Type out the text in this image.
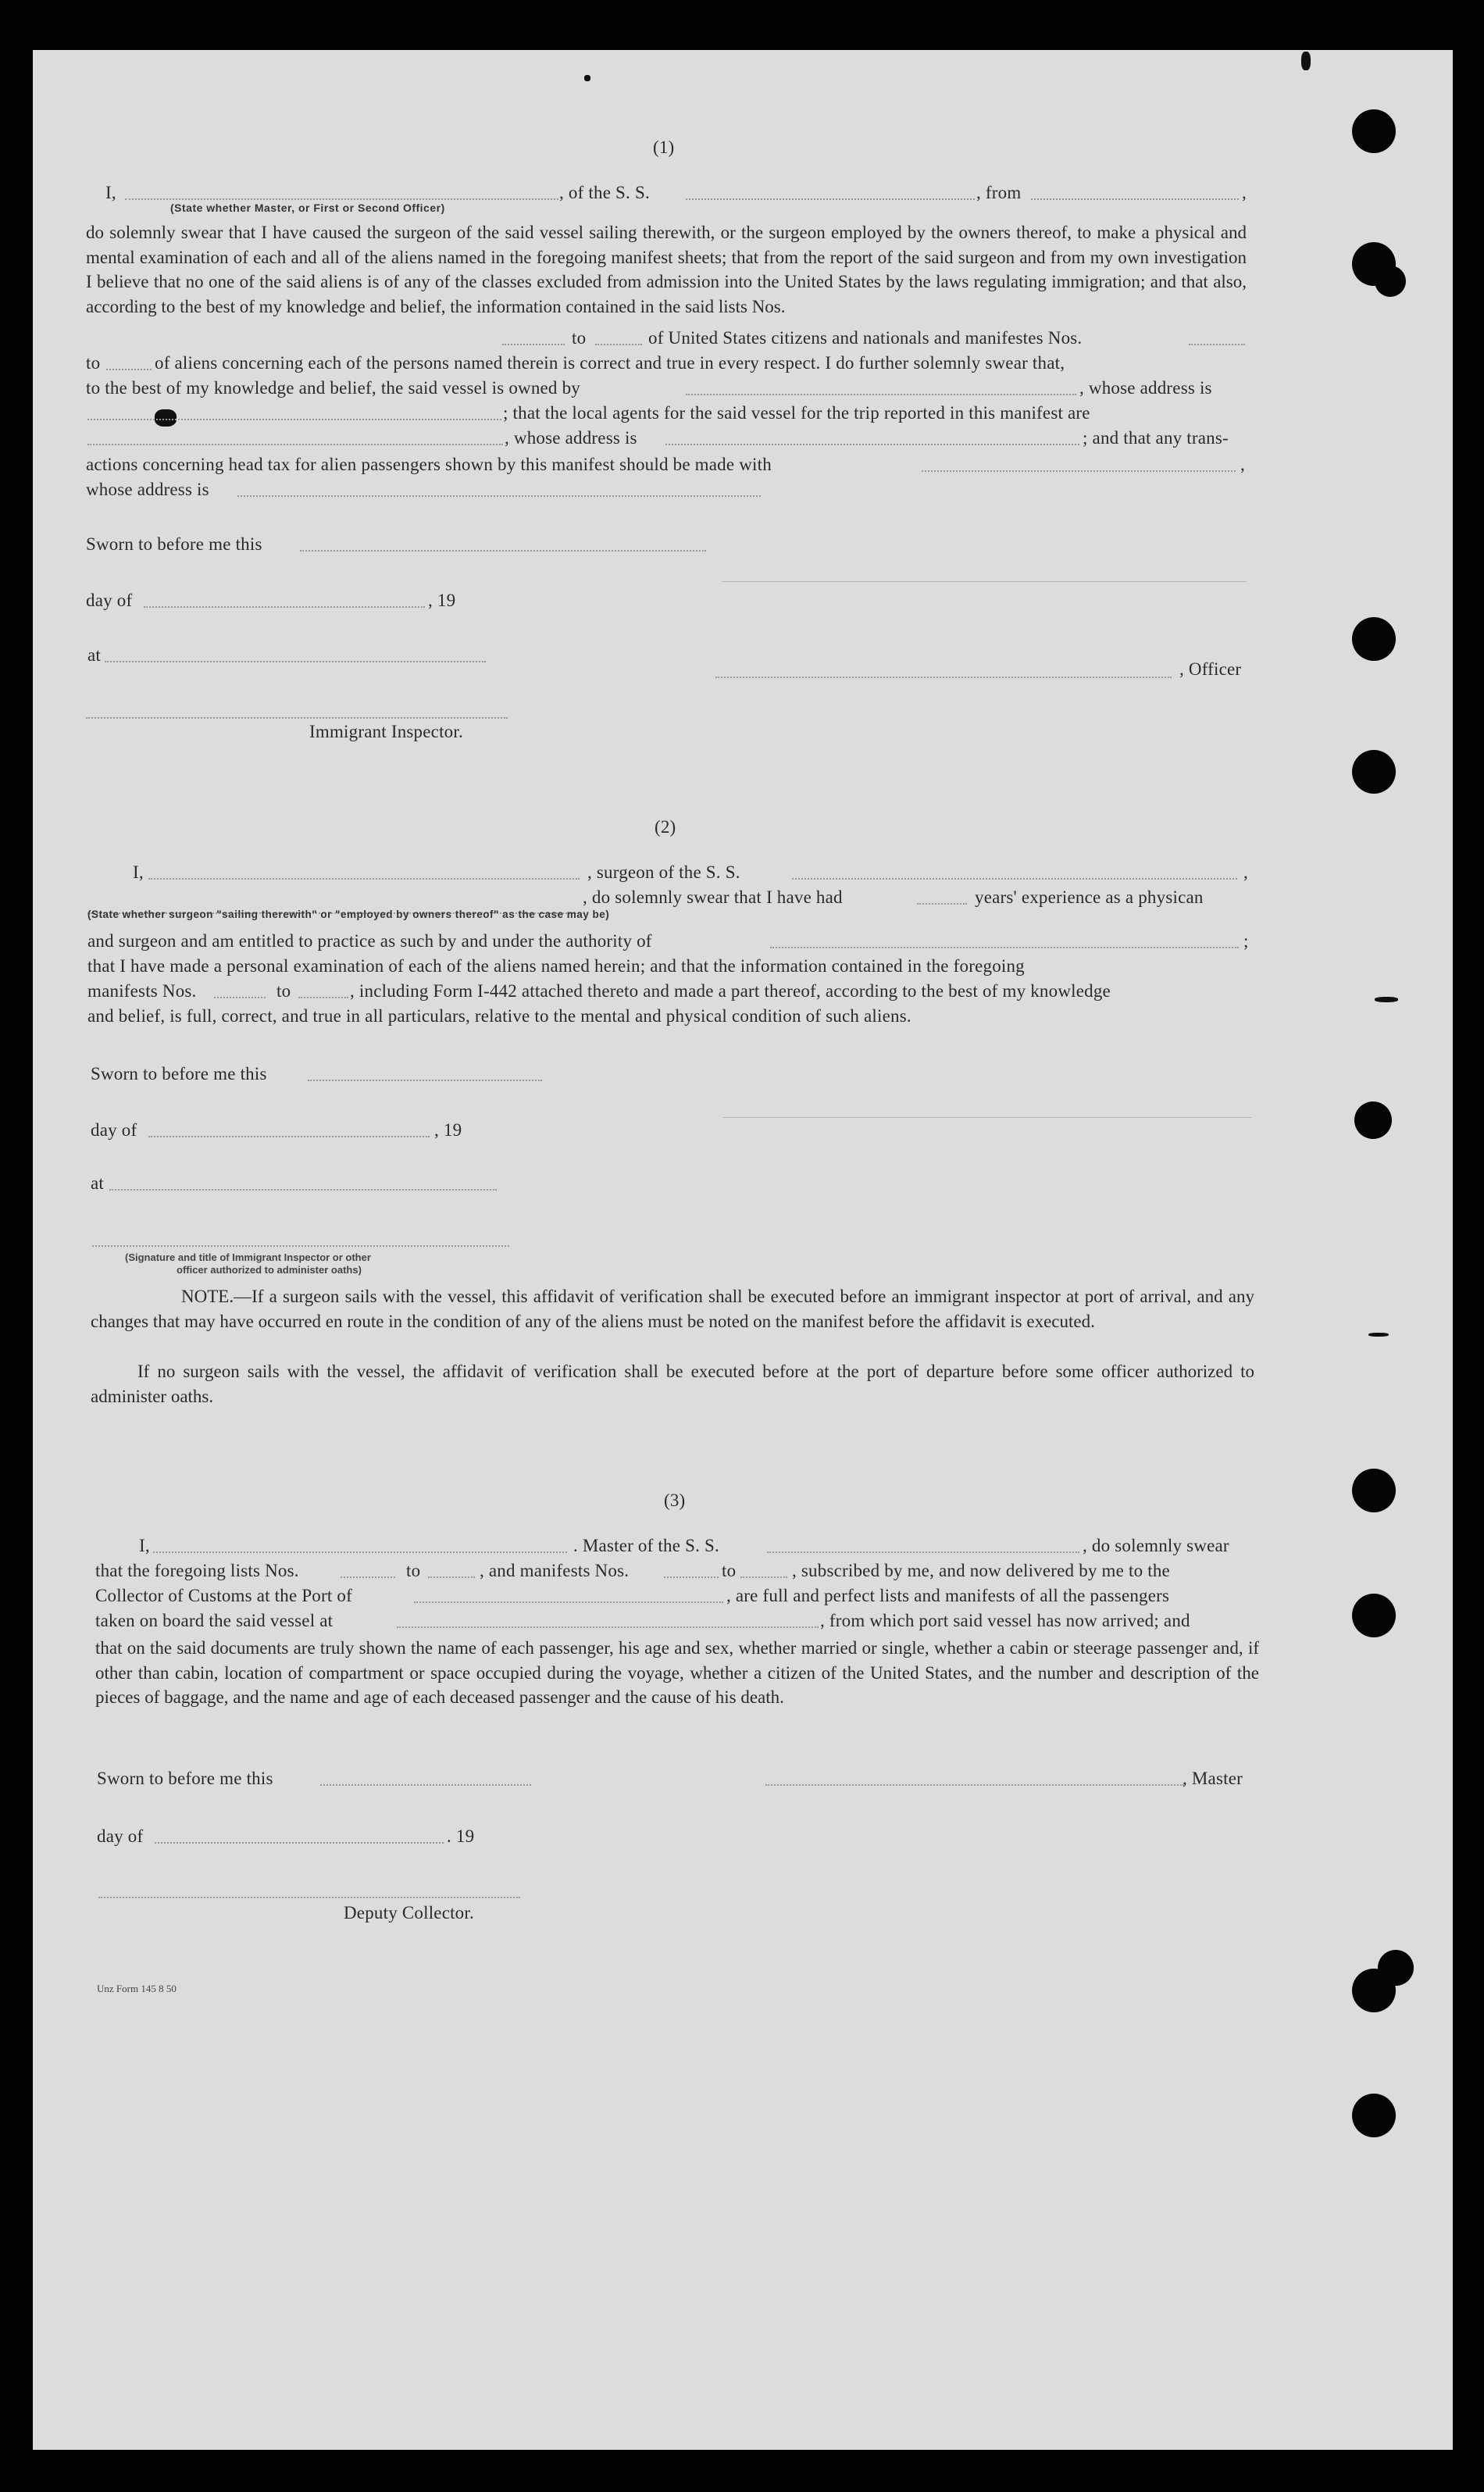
(1)
I,	, of the S. S.	, from	,
(State whether Master, or First or Second Officer)
do solemnly swear that I have caused the surgeon of the said vessel sailing therewith, or the surgeon employed by the owners thereof, to make a physical and mental examination of each and all of the aliens named in the foregoing manifest sheets; that from the report of the said surgeon and from my own investigation I believe that no one of the said aliens is of any of the classes excluded from admission into the United States by the laws regulating immigration; and that also, according to the best of my knowledge and belief, the information contained in the said lists Nos.
to	of United States citizens and nationals and manifestes Nos.
to	of aliens concerning each of the persons named therein is correct and true in every respect. I do further solemnly swear that,
to the best of my knowledge and belief, the said vessel is owned by	, whose address is
; that the local agents for the said vessel for the trip reported in this manifest are
, whose address is	; and that any trans-
actions concerning head tax for alien passengers shown by this manifest should be made with	,
whose address is
Sworn to before me this
day of	, 19
at
, Officer
Immigrant Inspector.
(2)
I,	, surgeon of the S. S.	,
, do solemnly swear that I have had	years' experience as a physican
(State whether surgeon "sailing therewith" or "employed by owners thereof" as the case may be)
and surgeon and am entitled to practice as such by and under the authority of	;
that I have made a personal examination of each of the aliens named herein; and that the information contained in the foregoing
manifests Nos.	to	, including Form I-442 attached thereto and made a part thereof, according to the best of my knowledge
and belief, is full, correct, and true in all particulars, relative to the mental and physical condition of such aliens.
Sworn to before me this
day of	, 19
at
(Signature and title of Immigrant Inspector or other
officer authorized to administer oaths)
NOTE.—If a surgeon sails with the vessel, this affidavit of verification shall be executed before an immigrant inspector at port of arrival, and any changes that may have occurred en route in the condition of any of the aliens must be noted on the manifest before the affidavit is executed.
If no surgeon sails with the vessel, the affidavit of verification shall be executed before at the port of departure before some officer authorized to administer oaths.
(3)
I,	. Master of the S. S.	, do solemnly swear
that the foregoing lists Nos.	to	, and manifests Nos.	to	, subscribed by me, and now delivered by me to the
Collector of Customs at the Port of	, are full and perfect lists and manifests of all the passengers
taken on board the said vessel at	, from which port said vessel has now arrived; and
that on the said documents are truly shown the name of each passenger, his age and sex, whether married or single, whether a cabin or steerage passenger and, if other than cabin, location of compartment or space occupied during the voyage, whether a citizen of the United States, and the number and description of the pieces of baggage, and the name and age of each deceased passenger and the cause of his death.
Sworn to before me this	, Master
day of	. 19
Deputy Collector.
Unz Form 145 8 50
